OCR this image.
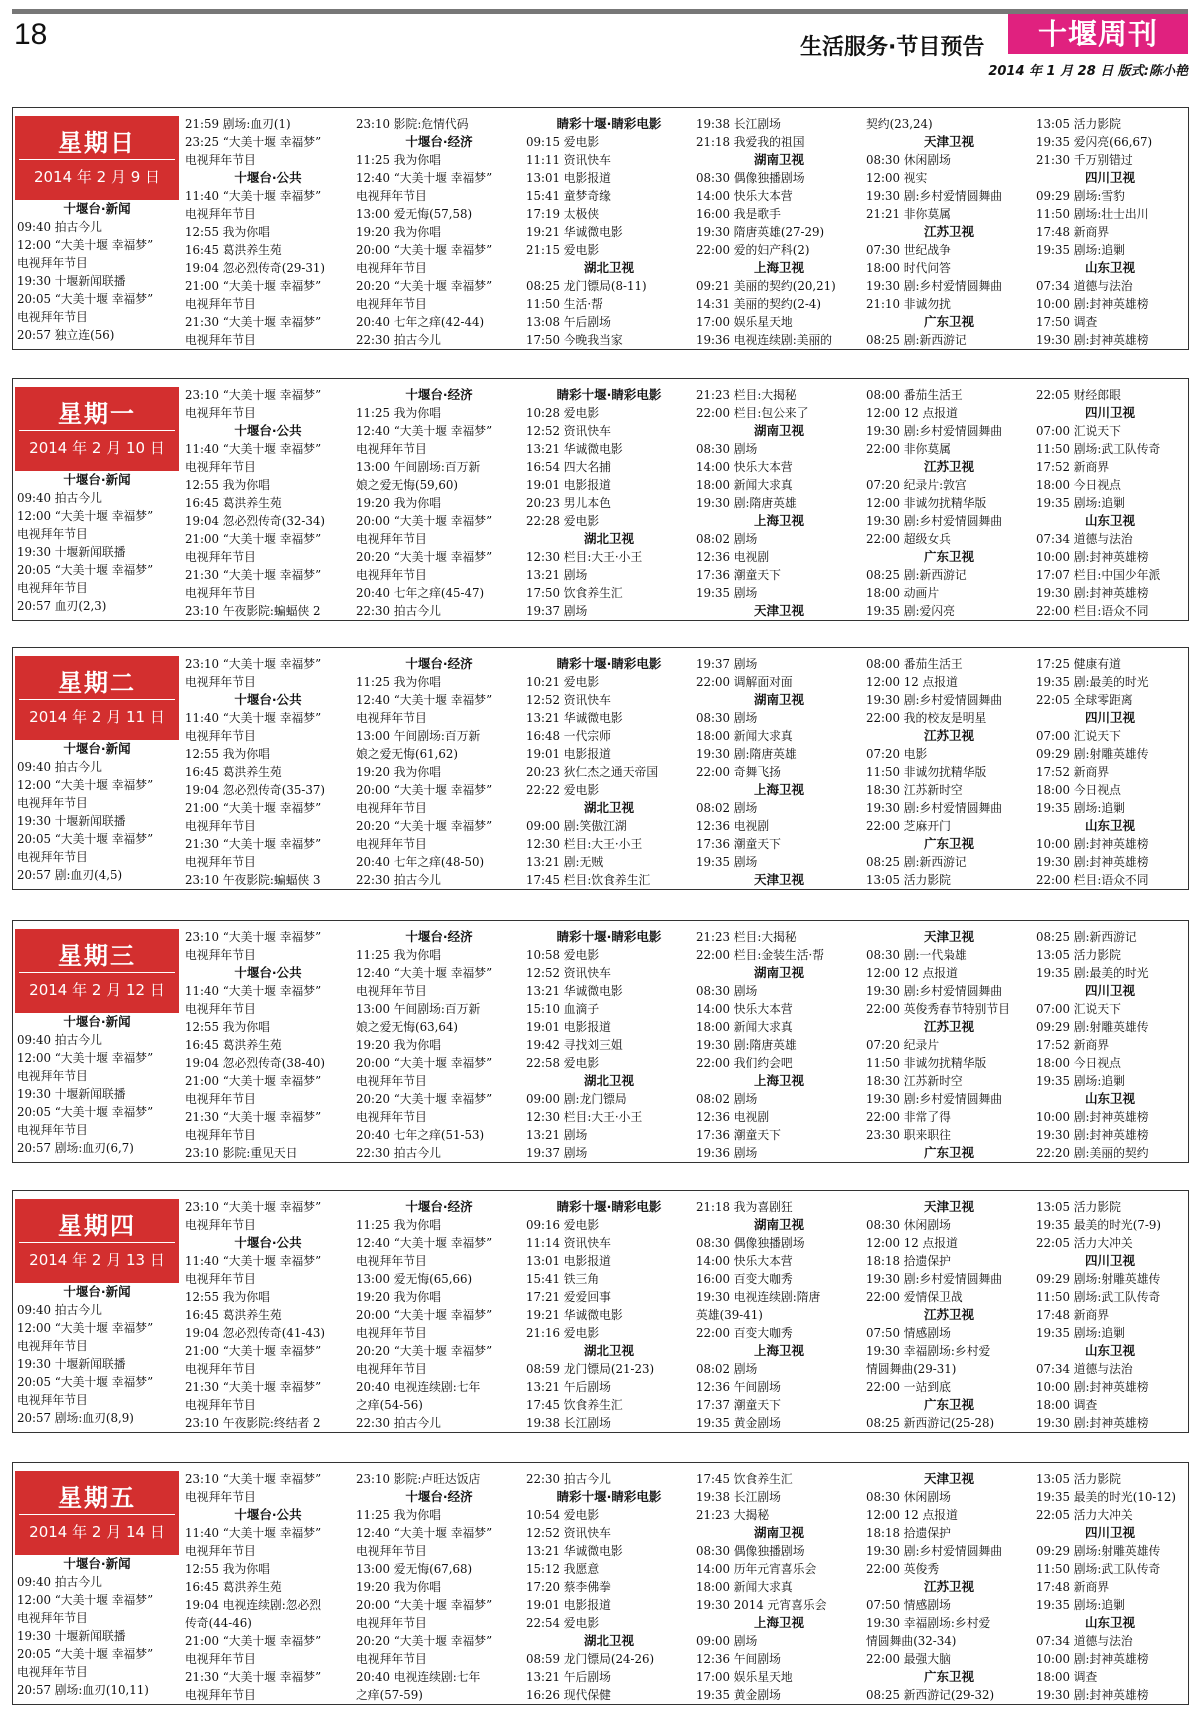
18	生活服务·节目预告	十堰周刊
2014 年 1 月 28 日 版式:陈小艳
星期日
2014 年 2 月 9 日
十堰台·新闻
09:40 拍古今儿
12:00 “大美十堰 幸福梦”
电视拜年节目
19:30 十堰新闻联播
20:05 “大美十堰 幸福梦”
电视拜年节目
20:57 独立连(56)
21:59 剧场:血刃(1)
23:25 “大美十堰 幸福梦”
电视拜年节目
十堰台·公共
11:40 “大美十堰 幸福梦”
电视拜年节目
12:55 我为你唱
16:45 葛洪养生苑
19:04 忽必烈传奇(29-31)
21:00 “大美十堰 幸福梦”
电视拜年节目
21:30 “大美十堰 幸福梦”
电视拜年节目
23:10 影院:危情代码
十堰台·经济
11:25 我为你唱
12:40 “大美十堰 幸福梦”
电视拜年节目
13:00 爱无悔(57,58)
19:20 我为你唱
20:00 “大美十堰 幸福梦”
电视拜年节目
20:20 “大美十堰 幸福梦”
电视拜年节目
20:40 七年之痒(42-44)
22:30 拍古今儿
睛彩十堰·睛彩电影
09:15 爱电影
11:11 资讯快车
13:01 电影报道
15:41 童梦奇缘
17:19 太极侠
19:21 华诚微电影
21:15 爱电影
湖北卫视
08:25 龙门镖局(8-11)
11:50 生活·帮
13:08 午后剧场
17:50 今晚我当家
19:38 长江剧场
21:18 我爱我的祖国
湖南卫视
08:30 偶像独播剧场
14:00 快乐大本营
16:00 我是歌手
19:30 隋唐英雄(27-29)
22:00 爱的妇产科(2)
上海卫视
09:21 美丽的契约(20,21)
14:31 美丽的契约(2-4)
17:00 娱乐星天地
19:36 电视连续剧:美丽的
契约(23,24)
天津卫视
08:30 休闲剧场
12:00 视实
19:30 剧:乡村爱情圆舞曲
21:21 非你莫属
江苏卫视
07:30 世纪战争
18:00 时代问答
19:30 剧:乡村爱情圆舞曲
21:10 非诚勿扰
广东卫视
08:25 剧:新西游记
13:05 活力影院
19:35 爱闪亮(66,67)
21:30 千万别错过
四川卫视
09:29 剧场:雪豹
11:50 剧场:壮士出川
17:48 新商界
19:35 剧场:追剿
山东卫视
07:34 道德与法治
10:00 剧:封神英雄榜
17:50 调查
19:30 剧:封神英雄榜
星期一
2014 年 2 月 10 日
十堰台·新闻
09:40 拍古今儿
12:00 “大美十堰 幸福梦”
电视拜年节目
19:30 十堰新闻联播
20:05 “大美十堰 幸福梦”
电视拜年节目
20:57 血刃(2,3)
23:10 “大美十堰 幸福梦”
电视拜年节目
十堰台·公共
11:40 “大美十堰 幸福梦”
电视拜年节目
12:55 我为你唱
16:45 葛洪养生苑
19:04 忽必烈传奇(32-34)
21:00 “大美十堰 幸福梦”
电视拜年节目
21:30 “大美十堰 幸福梦”
电视拜年节目
23:10 午夜影院:蝙蝠侠 2
十堰台·经济
11:25 我为你唱
12:40 “大美十堰 幸福梦”
电视拜年节目
13:00 午间剧场:百万新
娘之爱无悔(59,60)
19:20 我为你唱
20:00 “大美十堰 幸福梦”
电视拜年节目
20:20 “大美十堰 幸福梦”
电视拜年节目
20:40 七年之痒(45-47)
22:30 拍古今儿
睛彩十堰·睛彩电影
10:28 爱电影
12:52 资讯快车
13:21 华诚微电影
16:54 四大名捕
19:01 电影报道
20:23 男儿本色
22:28 爱电影
湖北卫视
12:30 栏目:大王·小王
13:21 剧场
17:50 饮食养生汇
19:37 剧场
21:23 栏目:大揭秘
22:00 栏目:包公来了
湖南卫视
08:30 剧场
14:00 快乐大本营
18:00 新闻大求真
19:30 剧:隋唐英雄
上海卫视
08:02 剧场
12:36 电视剧
17:36 潮童天下
19:35 剧场
天津卫视
08:00 番茄生活王
12:00 12 点报道
19:30 剧:乡村爱情圆舞曲
22:00 非你莫属
江苏卫视
07:20 纪录片:敦宫
12:00 非诚勿扰精华版
19:30 剧:乡村爱情圆舞曲
22:00 超级女兵
广东卫视
08:25 剧:新西游记
18:00 动画片
19:35 剧:爱闪亮
22:05 财经郎眼
四川卫视
07:00 汇说天下
11:50 剧场:武工队传奇
17:52 新商界
18:00 今日视点
19:35 剧场:追剿
山东卫视
07:34 道德与法治
10:00 剧:封神英雄榜
17:07 栏目:中国少年派
19:30 剧:封神英雄榜
22:00 栏目:语众不同
星期二
2014 年 2 月 11 日
十堰台·新闻
09:40 拍古今儿
12:00 “大美十堰 幸福梦”
电视拜年节目
19:30 十堰新闻联播
20:05 “大美十堰 幸福梦”
电视拜年节目
20:57 剧:血刃(4,5)
23:10 “大美十堰 幸福梦”
电视拜年节目
十堰台·公共
11:40 “大美十堰 幸福梦”
电视拜年节目
12:55 我为你唱
16:45 葛洪养生苑
19:04 忽必烈传奇(35-37)
21:00 “大美十堰 幸福梦”
电视拜年节目
21:30 “大美十堰 幸福梦”
电视拜年节目
23:10 午夜影院:蝙蝠侠 3
十堰台·经济
11:25 我为你唱
12:40 “大美十堰 幸福梦”
电视拜年节目
13:00 午间剧场:百万新
娘之爱无悔(61,62)
19:20 我为你唱
20:00 “大美十堰 幸福梦”
电视拜年节目
20:20 “大美十堰 幸福梦”
电视拜年节目
20:40 七年之痒(48-50)
22:30 拍古今儿
睛彩十堰·睛彩电影
10:21 爱电影
12:52 资讯快车
13:21 华诚微电影
16:48 一代宗师
19:01 电影报道
20:23 狄仁杰之通天帝国
22:22 爱电影
湖北卫视
09:00 剧:笑傲江湖
12:30 栏目:大王·小王
13:21 剧:无贼
17:45 栏目:饮食养生汇
19:37 剧场
22:00 调解面对面
湖南卫视
08:30 剧场
18:00 新闻大求真
19:30 剧:隋唐英雄
22:00 奇舞飞扬
上海卫视
08:02 剧场
12:36 电视剧
17:36 潮童天下
19:35 剧场
天津卫视
08:00 番茄生活王
12:00 12 点报道
19:30 剧:乡村爱情圆舞曲
22:00 我的校友是明星
江苏卫视
07:20 电影
11:50 非诚勿扰精华版
18:30 江苏新时空
19:30 剧:乡村爱情圆舞曲
22:00 芝麻开门
广东卫视
08:25 剧:新西游记
13:05 活力影院
17:25 健康有道
19:35 剧:最美的时光
22:05 全球零距离
四川卫视
07:00 汇说天下
09:29 剧:射雕英雄传
17:52 新商界
18:00 今日视点
19:35 剧场:追剿
山东卫视
10:00 剧:封神英雄榜
19:30 剧:封神英雄榜
22:00 栏目:语众不同
星期三
2014 年 2 月 12 日
十堰台·新闻
09:40 拍古今儿
12:00 “大美十堰 幸福梦”
电视拜年节目
19:30 十堰新闻联播
20:05 “大美十堰 幸福梦”
电视拜年节目
20:57 剧场:血刃(6,7)
23:10 “大美十堰 幸福梦”
电视拜年节目
十堰台·公共
11:40 “大美十堰 幸福梦”
电视拜年节目
12:55 我为你唱
16:45 葛洪养生苑
19:04 忽必烈传奇(38-40)
21:00 “大美十堰 幸福梦”
电视拜年节目
21:30 “大美十堰 幸福梦”
电视拜年节目
23:10 影院:重见天日
十堰台·经济
11:25 我为你唱
12:40 “大美十堰 幸福梦”
电视拜年节目
13:00 午间剧场:百万新
娘之爱无悔(63,64)
19:20 我为你唱
20:00 “大美十堰 幸福梦”
电视拜年节目
20:20 “大美十堰 幸福梦”
电视拜年节目
20:40 七年之痒(51-53)
22:30 拍古今儿
睛彩十堰·睛彩电影
10:58 爱电影
12:52 资讯快车
13:21 华诚微电影
15:10 血滴子
19:01 电影报道
19:42 寻找刘三姐
22:58 爱电影
湖北卫视
09:00 剧:龙门镖局
12:30 栏目:大王·小王
13:21 剧场
19:37 剧场
21:23 栏目:大揭秘
22:00 栏目:金装生活·帮
湖南卫视
08:30 剧场
14:00 快乐大本营
18:00 新闻大求真
19:30 剧:隋唐英雄
22:00 我们约会吧
上海卫视
08:02 剧场
12:36 电视剧
17:36 潮童天下
19:36 剧场
天津卫视
08:30 剧:一代枭雄
12:00 12 点报道
19:30 剧:乡村爱情圆舞曲
22:00 英俊秀春节特别节目
江苏卫视
07:20 纪录片
11:50 非诚勿扰精华版
18:30 江苏新时空
19:30 剧:乡村爱情圆舞曲
22:00 非常了得
23:30 职来职往
广东卫视
08:25 剧:新西游记
13:05 活力影院
19:35 剧:最美的时光
四川卫视
07:00 汇说天下
09:29 剧:射雕英雄传
17:52 新商界
18:00 今日视点
19:35 剧场:追剿
山东卫视
10:00 剧:封神英雄榜
19:30 剧:封神英雄榜
22:20 剧:美丽的契约
星期四
2014 年 2 月 13 日
十堰台·新闻
09:40 拍古今儿
12:00 “大美十堰 幸福梦”
电视拜年节目
19:30 十堰新闻联播
20:05 “大美十堰 幸福梦”
电视拜年节目
20:57 剧场:血刃(8,9)
23:10 “大美十堰 幸福梦”
电视拜年节目
十堰台·公共
11:40 “大美十堰 幸福梦”
电视拜年节目
12:55 我为你唱
16:45 葛洪养生苑
19:04 忽必烈传奇(41-43)
21:00 “大美十堰 幸福梦”
电视拜年节目
21:30 “大美十堰 幸福梦”
电视拜年节目
23:10 午夜影院:终结者 2
十堰台·经济
11:25 我为你唱
12:40 “大美十堰 幸福梦”
电视拜年节目
13:00 爱无悔(65,66)
19:20 我为你唱
20:00 “大美十堰 幸福梦”
电视拜年节目
20:20 “大美十堰 幸福梦”
电视拜年节目
20:40 电视连续剧:七年
之痒(54-56)
22:30 拍古今儿
睛彩十堰·睛彩电影
09:16 爱电影
11:14 资讯快车
13:01 电影报道
15:41 铁三角
17:21 爱爱回事
19:21 华诚微电影
21:16 爱电影
湖北卫视
08:59 龙门镖局(21-23)
13:21 午后剧场
17:45 饮食养生汇
19:38 长江剧场
21:18 我为喜剧狂
湖南卫视
08:30 偶像独播剧场
14:00 快乐大本营
16:00 百变大咖秀
19:30 电视连续剧:隋唐
英雄(39-41)
22:00 百变大咖秀
上海卫视
08:02 剧场
12:36 午间剧场
17:37 潮童天下
19:35 黄金剧场
天津卫视
08:30 休闲剧场
12:00 12 点报道
18:18 拾遗保护
19:30 剧:乡村爱情圆舞曲
22:00 爱情保卫战
江苏卫视
07:50 情感剧场
19:30 幸福剧场:乡村爱
情圆舞曲(29-31)
22:00 一站到底
广东卫视
08:25 新西游记(25-28)
13:05 活力影院
19:35 最美的时光(7-9)
22:05 活力大冲关
四川卫视
09:29 剧场:射雕英雄传
11:50 剧场:武工队传奇
17:48 新商界
19:35 剧场:追剿
山东卫视
07:34 道德与法治
10:00 剧:封神英雄榜
18:00 调查
19:30 剧:封神英雄榜
星期五
2014 年 2 月 14 日
十堰台·新闻
09:40 拍古今儿
12:00 “大美十堰 幸福梦”
电视拜年节目
19:30 十堰新闻联播
20:05 “大美十堰 幸福梦”
电视拜年节目
20:57 剧场:血刃(10,11)
23:10 “大美十堰 幸福梦”
电视拜年节目
十堰台·公共
11:40 “大美十堰 幸福梦”
电视拜年节目
12:55 我为你唱
16:45 葛洪养生苑
19:04 电视连续剧:忽必烈
传奇(44-46)
21:00 “大美十堰 幸福梦”
电视拜年节目
21:30 “大美十堰 幸福梦”
电视拜年节目
23:10 影院:卢旺达饭店
十堰台·经济
11:25 我为你唱
12:40 “大美十堰 幸福梦”
电视拜年节目
13:00 爱无悔(67,68)
19:20 我为你唱
20:00 “大美十堰 幸福梦”
电视拜年节目
20:20 “大美十堰 幸福梦”
电视拜年节目
20:40 电视连续剧:七年
之痒(57-59)
22:30 拍古今儿
睛彩十堰·睛彩电影
10:54 爱电影
12:52 资讯快车
13:21 华诚微电影
15:12 我愿意
17:20 蔡李佛拳
19:01 电影报道
22:54 爱电影
湖北卫视
08:59 龙门镖局(24-26)
13:21 午后剧场
16:26 现代保健
17:45 饮食养生汇
19:38 长江剧场
21:23 大揭秘
湖南卫视
08:30 偶像独播剧场
14:00 历年元宵喜乐会
18:00 新闻大求真
19:30 2014 元宵喜乐会
上海卫视
09:00 剧场
12:36 午间剧场
17:00 娱乐星天地
19:35 黄金剧场
天津卫视
08:30 休闲剧场
12:00 12 点报道
18:18 拾遗保护
19:30 剧:乡村爱情圆舞曲
22:00 英俊秀
江苏卫视
07:50 情感剧场
19:30 幸福剧场:乡村爱
情圆舞曲(32-34)
22:00 最强大脑
广东卫视
08:25 新西游记(29-32)
13:05 活力影院
19:35 最美的时光(10-12)
22:05 活力大冲关
四川卫视
09:29 剧场:射雕英雄传
11:50 剧场:武工队传奇
17:48 新商界
19:35 剧场:追剿
山东卫视
07:34 道德与法治
10:00 剧:封神英雄榜
18:00 调查
19:30 剧:封神英雄榜
